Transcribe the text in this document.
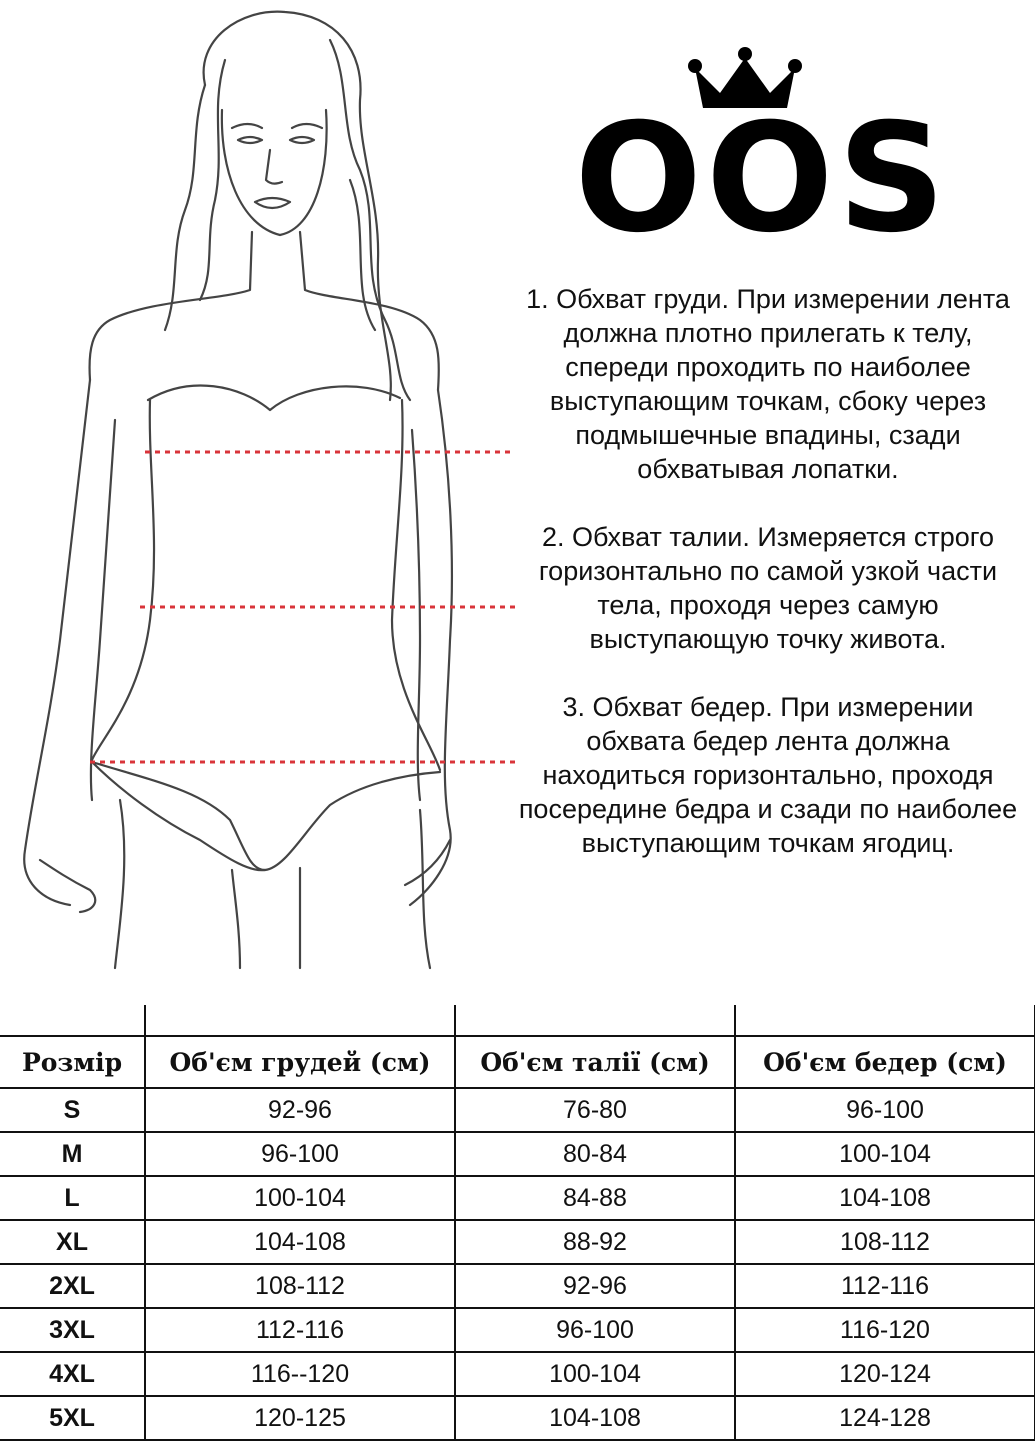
OOS

1. Обхват груди. При измерении лента должна плотно прилегать к телу, спереди проходить по наиболее выступающим точкам, сбоку через подмышечные впадины, сзади обхватывая лопатки.

2. Обхват талии. Измеряется строго горизонтально по самой узкой части тела, проходя через самую выступающую точку живота.

3. Обхват бедер. При измерении обхвата бедер лента должна находиться горизонтально, проходя посередине бедра и сзади по наиболее выступающим точкам ягодиц.

Розмір	Об'єм грудей (см)	Об'єм талії (см)	Об'єм бедер (см)
S	92-96	76-80	96-100
M	96-100	80-84	100-104
L	100-104	84-88	104-108
XL	104-108	88-92	108-112
2XL	108-112	92-96	112-116
3XL	112-116	96-100	116-120
4XL	116--120	100-104	120-124
5XL	120-125	104-108	124-128
